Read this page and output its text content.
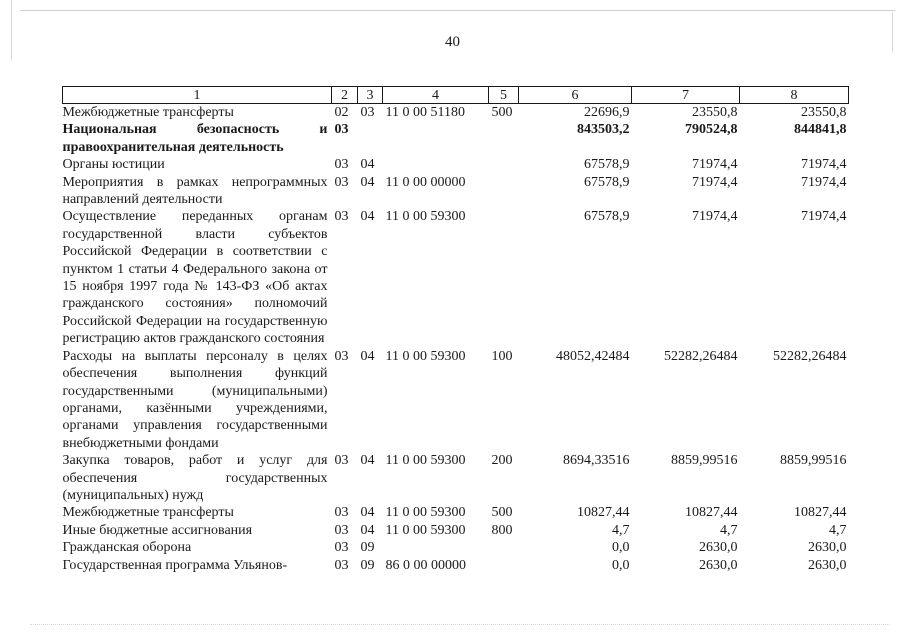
40
1	2	3	4	5	6	7	8
Межбюджетные трансферты	02	03	11 0 00 51180	500	22696,9	23550,8	23550,8
Национальная безопасность и правоохранительная деятельность	03				843503,2	790524,8	844841,8
Органы юстиции	03	04			67578,9	71974,4	71974,4
Мероприятия в рамках непрограммных направлений деятельности	03	04	11 0 00 00000		67578,9	71974,4	71974,4
Осуществление переданных органам государственной власти субъектов Российской Федерации в соответствии с пунктом 1 статьи 4 Федерального закона от 15 ноября 1997 года № 143-ФЗ «Об актах гражданского состояния» полномочий Российской Федерации на государственную регистрацию актов гражданского состояния	03	04	11 0 00 59300		67578,9	71974,4	71974,4
Расходы на выплаты персоналу в целях обеспечения выполнения функций государственными (муниципальными) органами, казёнными учреждениями, органами управления государственными внебюджетными фондами	03	04	11 0 00 59300	100	48052,42484	52282,26484	52282,26484
Закупка товаров, работ и услуг для обеспечения государственных (муниципальных) нужд	03	04	11 0 00 59300	200	8694,33516	8859,99516	8859,99516
Межбюджетные трансферты	03	04	11 0 00 59300	500	10827,44	10827,44	10827,44
Иные бюджетные ассигнования	03	04	11 0 00 59300	800	4,7	4,7	4,7
Гражданская оборона	03	09			0,0	2630,0	2630,0
Государственная программа Ульянов-	03	09	86 0 00 00000		0,0	2630,0	2630,0
